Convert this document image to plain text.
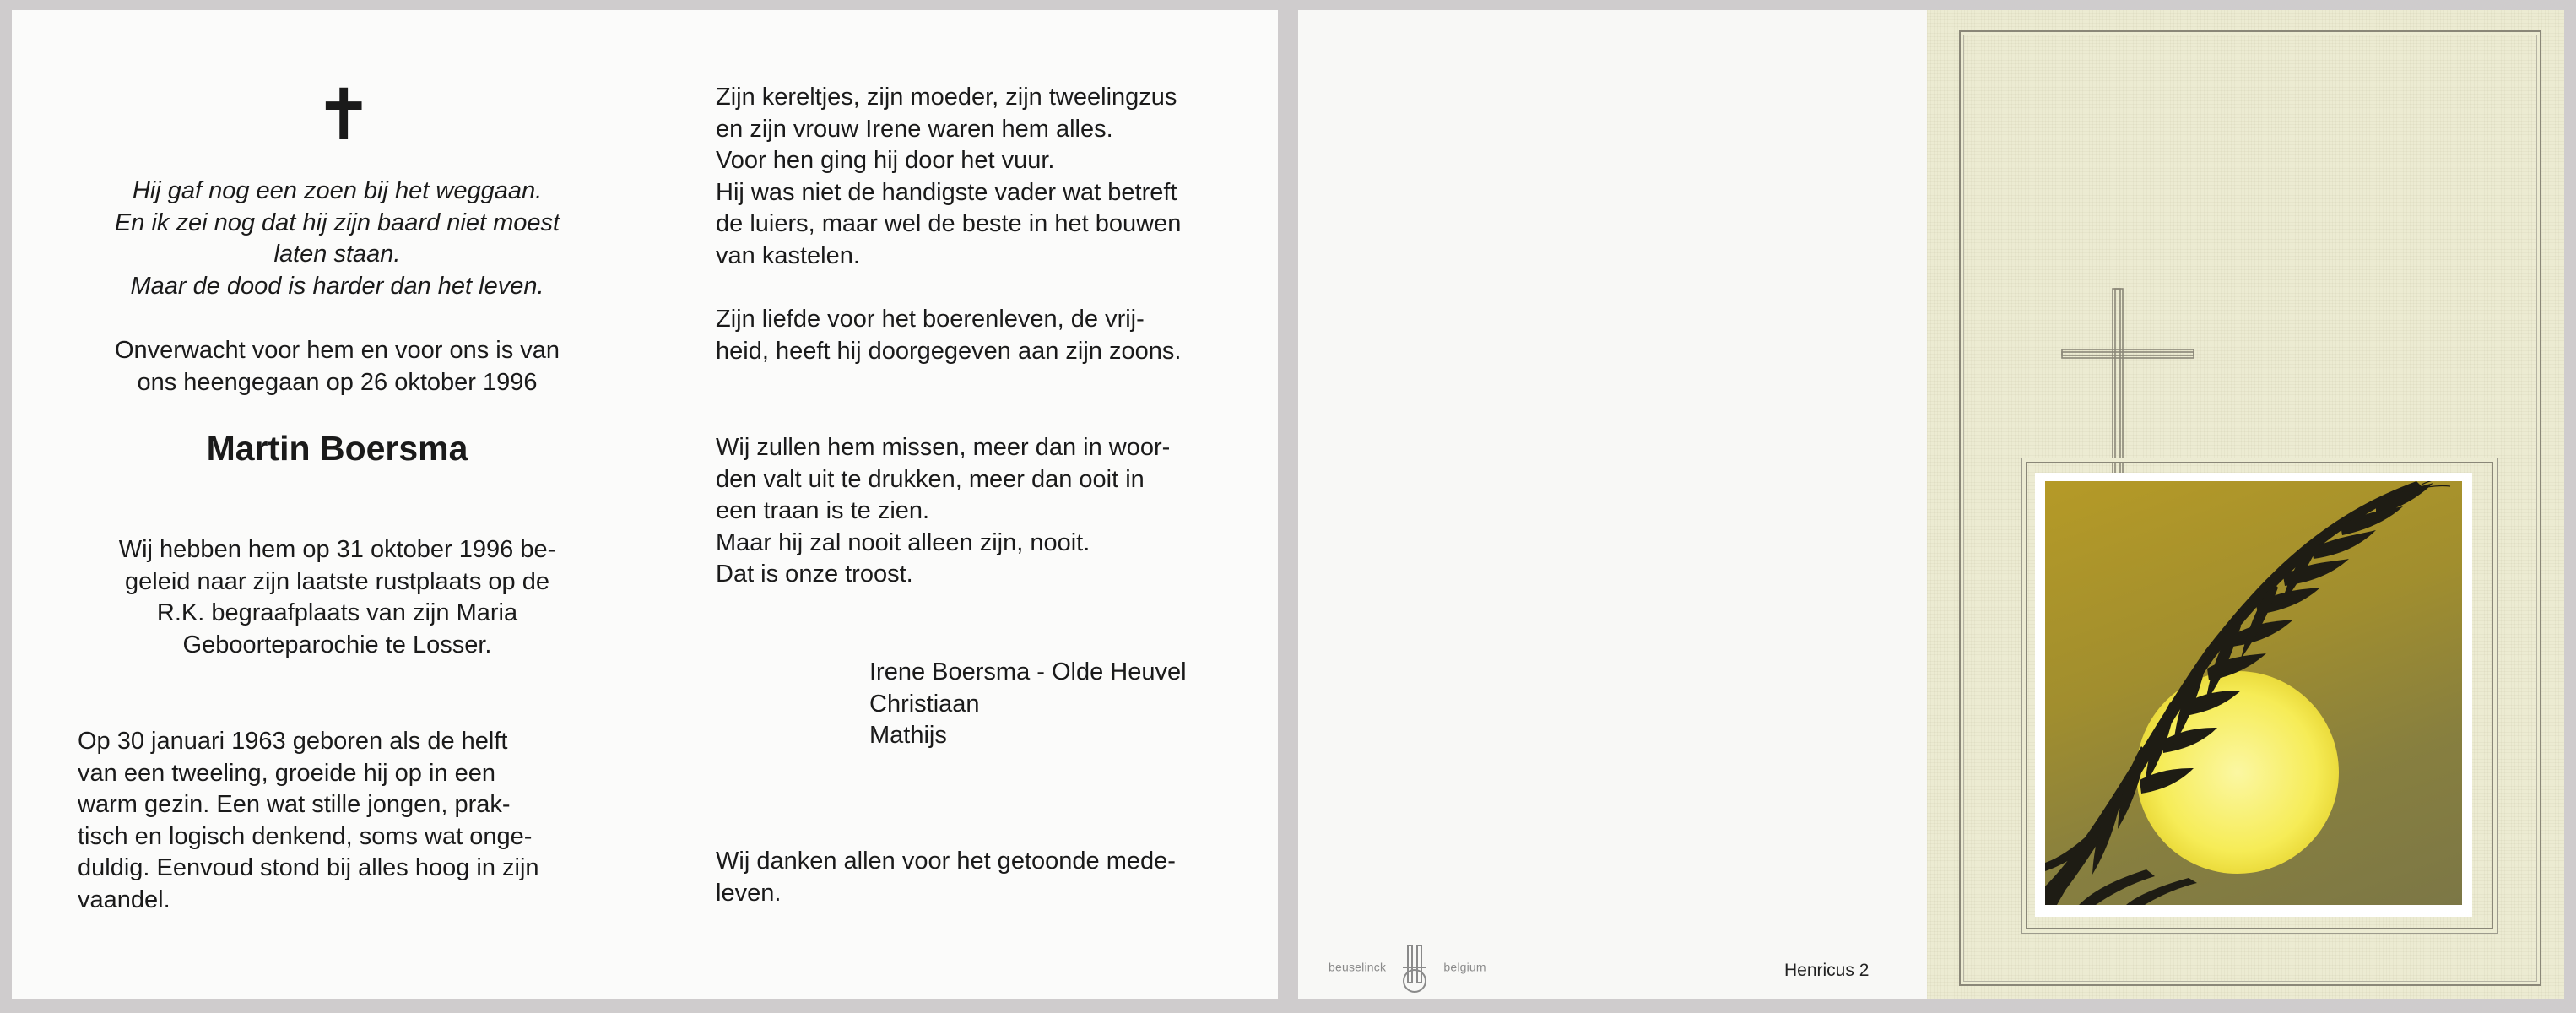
✝
Hij gaf nog een zoen bij het weggaan.
En ik zei nog dat hij zijn baard niet moest
laten staan.
Maar de dood is harder dan het leven.
Onverwacht voor hem en voor ons is van
ons heengegaan op 26 oktober 1996
Martin Boersma
Wij hebben hem op 31 oktober 1996 be-
geleid naar zijn laatste rustplaats op de
R.K. begraafplaats van zijn Maria
Geboorteparochie te Losser.
Op 30 januari 1963 geboren als de helft
van een tweeling, groeide hij op in een
warm gezin. Een wat stille jongen, prak-
tisch en logisch denkend, soms wat onge-
duldig. Eenvoud stond bij alles hoog in zijn
vaandel.
Zijn kereltjes, zijn moeder, zijn tweelingzus
en zijn vrouw Irene waren hem alles.
Voor hen ging hij door het vuur.
Hij was niet de handigste vader wat betreft
de luiers, maar wel de beste in het bouwen
van kastelen.
Zijn liefde voor het boerenleven, de vrij-
heid, heeft hij doorgegeven aan zijn zoons.
Wij zullen hem missen, meer dan in woor-
den valt uit te drukken, meer dan ooit in
een traan is te zien.
Maar hij zal nooit alleen zijn, nooit.
Dat is onze troost.
Irene Boersma - Olde Heuvel
Christiaan
Mathijs
Wij danken allen voor het getoonde mede-
leven.
beuselinck	belgium	Henricus 2
